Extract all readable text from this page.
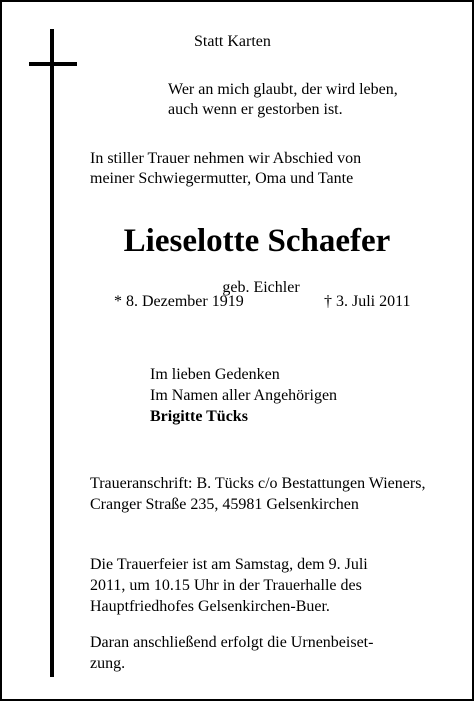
Statt Karten

Wer an mich glaubt, der wird leben,

auch wenn er gestorben ist.

In stiller Trauer nehmen wir Abschied von

meiner Schwiegermutter, Oma und Tante

Lieselotte Schaefer

geb. Eichler

* 8. Dezember 1919	† 3. Juli 2011

Im lieben Gedenken

Im Namen aller Angehörigen

Brigitte Tücks

Traueranschrift: B. Tücks c/o Bestattungen Wieners,

Cranger Straße 235, 45981 Gelsenkirchen

Die Trauerfeier ist am Samstag, dem 9. Juli

2011, um 10.15 Uhr in der Trauerhalle des

Hauptfriedhofes Gelsenkirchen-Buer.

Daran anschließend erfolgt die Urnenbeiset-

zung.
